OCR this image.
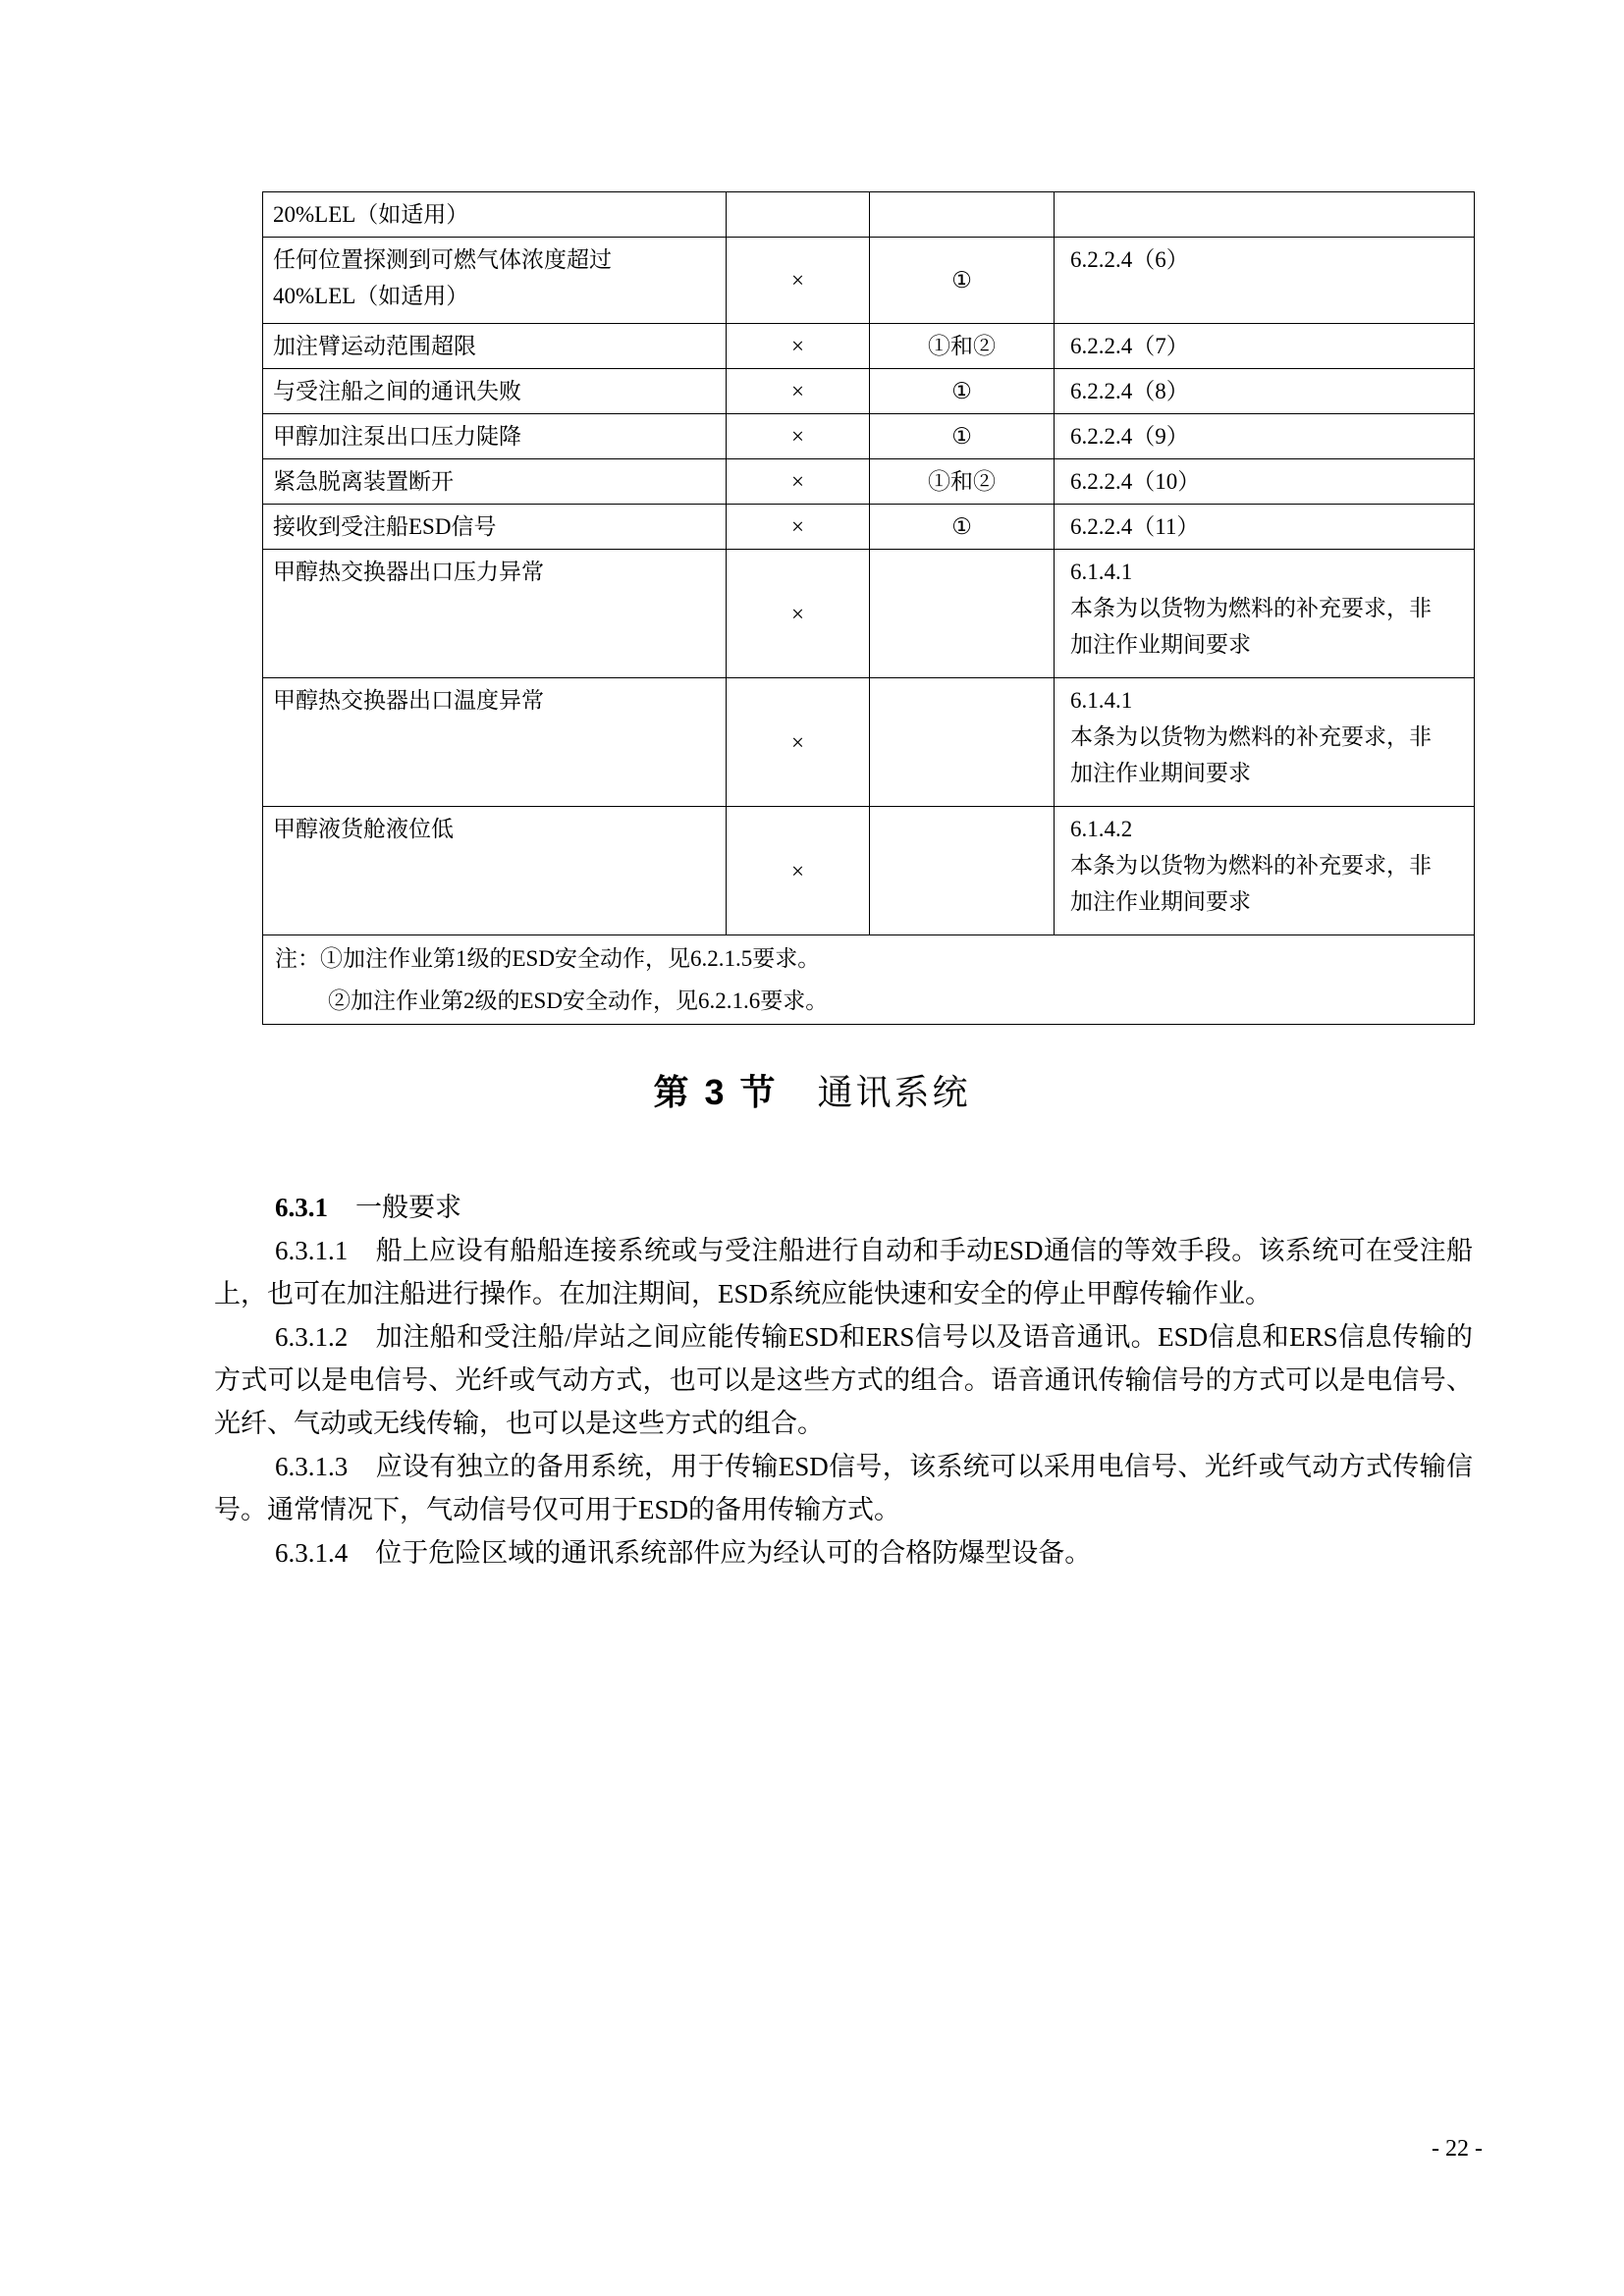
20%LEL（如适用）			

任何位置探测到可燃气体浓度超过
40%LEL（如适用）	×	①	6.2.2.4（6）
加注臂运动范围超限	×	①和②	6.2.2.4（7）
与受注船之间的通讯失败	×	①	6.2.2.4（8）
甲醇加注泵出口压力陡降	×	①	6.2.2.4（9）
紧急脱离装置断开	×	①和②	6.2.2.4（10）
接收到受注船ESD信号	×	①	6.2.2.4（11）
甲醇热交换器出口压力异常	×		6.1.4.1
本条为以货物为燃料的补充要求，非
加注作业期间要求

甲醇热交换器出口温度异常	×		6.1.4.1
本条为以货物为燃料的补充要求，非
加注作业期间要求

甲醇液货舱液位低	×		6.1.4.2
本条为以货物为燃料的补充要求，非
加注作业期间要求

注：①加注作业第1级的ESD安全动作，见6.2.1.5要求。
②加注作业第2级的ESD安全动作，见6.2.1.6要求。			
第 3 节 通讯系统

6.3.1 一般要求

6.3.1.1 船上应设有船船连接系统或与受注船进行自动和手动ESD通信的等效手段。该系统可在受注船上，也可在加注船进行操作。在加注期间，ESD系统应能快速和安全的停止甲醇传输作业。

6.3.1.2 加注船和受注船/岸站之间应能传输ESD和ERS信号以及语音通讯。ESD信息和ERS信息传输的方式可以是电信号、光纤或气动方式，也可以是这些方式的组合。语音通讯传输信号的方式可以是电信号、光纤、气动或无线传输，也可以是这些方式的组合。

6.3.1.3 应设有独立的备用系统，用于传输ESD信号，该系统可以采用电信号、光纤或气动方式传输信号。通常情况下，气动信号仅可用于ESD的备用传输方式。

6.3.1.4 位于危险区域的通讯系统部件应为经认可的合格防爆型设备。

- 22 -
